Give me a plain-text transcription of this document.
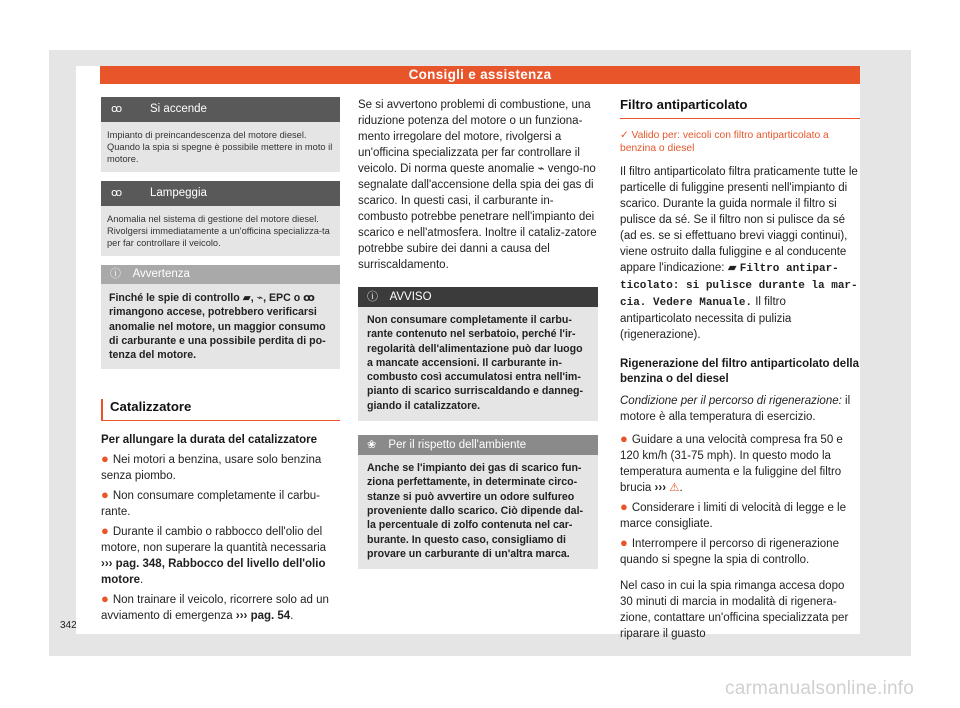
Consigli e assistenza
ꝏ Si accende
Impianto di preincandescenza del motore diesel. Quando la spia si spegne è possibile mettere in moto il motore.
ꝏ Lampeggia
Anomalia nel sistema di gestione del motore diesel. Rivolgersi immediatamente a un'officina specializza-ta per far controllare il veicolo.
ⓘ Avvertenza
Finché le spie di controllo ▰, ⌁, EPC o ꝏ rimangono accese, potrebbero verificarsi anomalie nel motore, un maggior consumo di carburante e una possibile perdita di po-tenza del motore.
Catalizzatore
Per allungare la durata del catalizzatore
● Nei motori a benzina, usare solo benzina senza piombo.
● Non consumare completamente il carbu-rante.
● Durante il cambio o rabbocco dell'olio del motore, non superare la quantità necessaria ››› pag. 348, Rabbocco del livello dell'olio motore.
● Non trainare il veicolo, ricorrere solo ad un avviamento di emergenza ››› pag. 54.

Se si avvertono problemi di combustione, una riduzione potenza del motore o un funziona-mento irregolare del motore, rivolgersi a un'officina specializzata per far controllare il veicolo. Di norma queste anomalie ⌁ vengo-no segnalate dall'accensione della spia dei gas di scarico. In questi casi, il carburante in-combusto potrebbe penetrare nell'impianto dei scarico e nell'atmosfera. Inoltre il cataliz-zatore potrebbe subire dei danni a causa del surriscaldamento.

ⓘ AVVISO
Non consumare completamente il carbu-rante contenuto nel serbatoio, perché l'ir-regolarità dell'alimentazione può dar luogo a mancate accensioni. Il carburante in-combusto così accumulatosi entra nell'im-pianto di scarico surriscaldando e danneg-giando il catalizzatore.
❀ Per il rispetto dell'ambiente
Anche se l'impianto dei gas di scarico fun-ziona perfettamente, in determinate circo-stanze si può avvertire un odore sulfureo proveniente dallo scarico. Ciò dipende dal-la percentuale di zolfo contenuta nel car-burante. In questo caso, consigliamo di provare un carburante di un'altra marca.
Filtro antiparticolato
✓ Valido per: veicoli con filtro antiparticolato a benzina o diesel

Il filtro antiparticolato filtra praticamente tutte le particelle di fuliggine presenti nell'impianto di scarico. Durante la guida normale il filtro si pulisce da sé. Se il filtro non si pulisce da sé (ad es. se si effettuano brevi viaggi continui), viene ostruito dalla fuliggine e al conducente appare l'indicazione: ▰ Filtro antipar-ticolato: si pulisce durante la mar-cia. Vedere Manuale. Il filtro antiparticolato necessita di pulizia (rigenerazione).

Rigenerazione del filtro antiparticolato della benzina o del diesel

Condizione per il percorso di rigenerazione: il motore è alla temperatura di esercizio.

● Guidare a una velocità compresa fra 50 e 120 km/h (31-75 mph). In questo modo la temperatura aumenta e la fuliggine del filtro brucia ››› ⚠.
● Considerare i limiti di velocità di legge e le marce consigliate.
● Interrompere il percorso di rigenerazione quando si spegne la spia di controllo.

Nel caso in cui la spia rimanga accesa dopo 30 minuti di marcia in modalità di rigenera-zione, contattare un'officina specializzata per riparare il guasto

342
carmanualsonline.info
